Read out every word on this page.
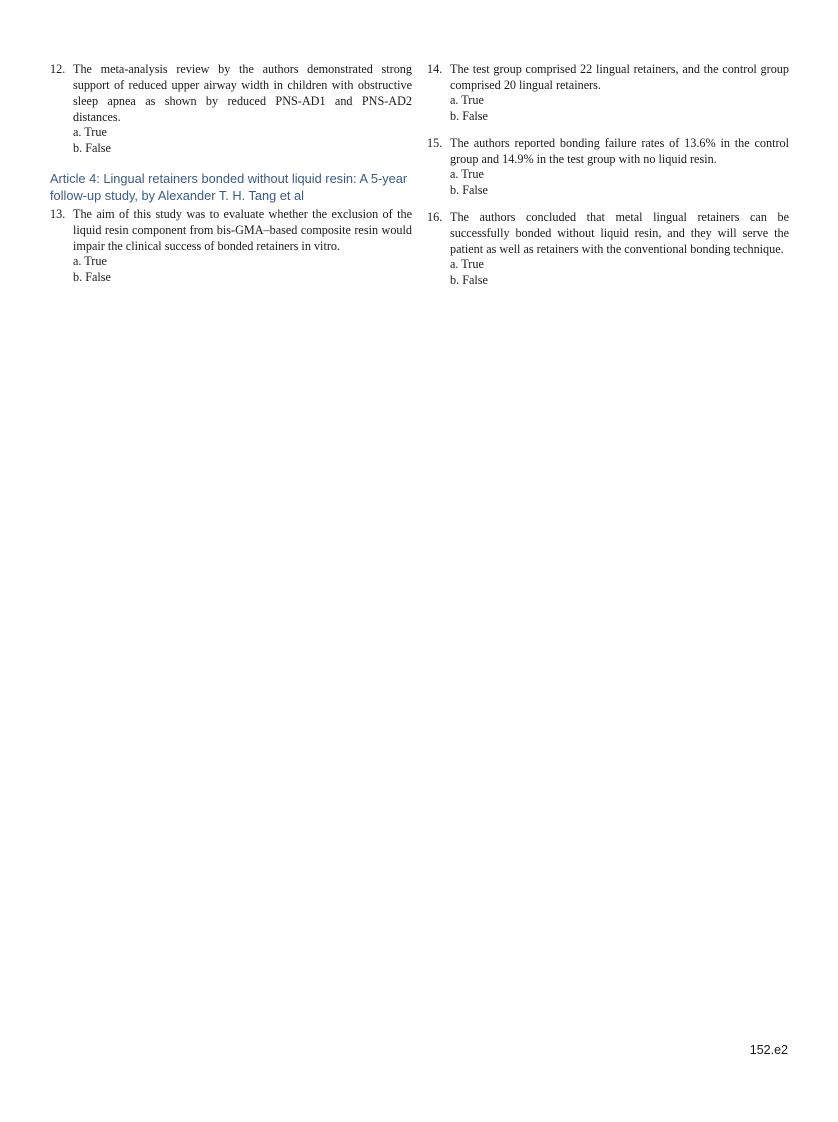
12. The meta-analysis review by the authors demonstrated strong support of reduced upper airway width in children with obstructive sleep apnea as shown by reduced PNS-AD1 and PNS-AD2 distances.
a. True
b. False
Article 4: Lingual retainers bonded without liquid resin: A 5-year follow-up study, by Alexander T. H. Tang et al
13. The aim of this study was to evaluate whether the exclusion of the liquid resin component from bis-GMA–based composite resin would impair the clinical success of bonded retainers in vitro.
a. True
b. False
14. The test group comprised 22 lingual retainers, and the control group comprised 20 lingual retainers.
a. True
b. False
15. The authors reported bonding failure rates of 13.6% in the control group and 14.9% in the test group with no liquid resin.
a. True
b. False
16. The authors concluded that metal lingual retainers can be successfully bonded without liquid resin, and they will serve the patient as well as retainers with the conventional bonding technique.
a. True
b. False
152.e2
